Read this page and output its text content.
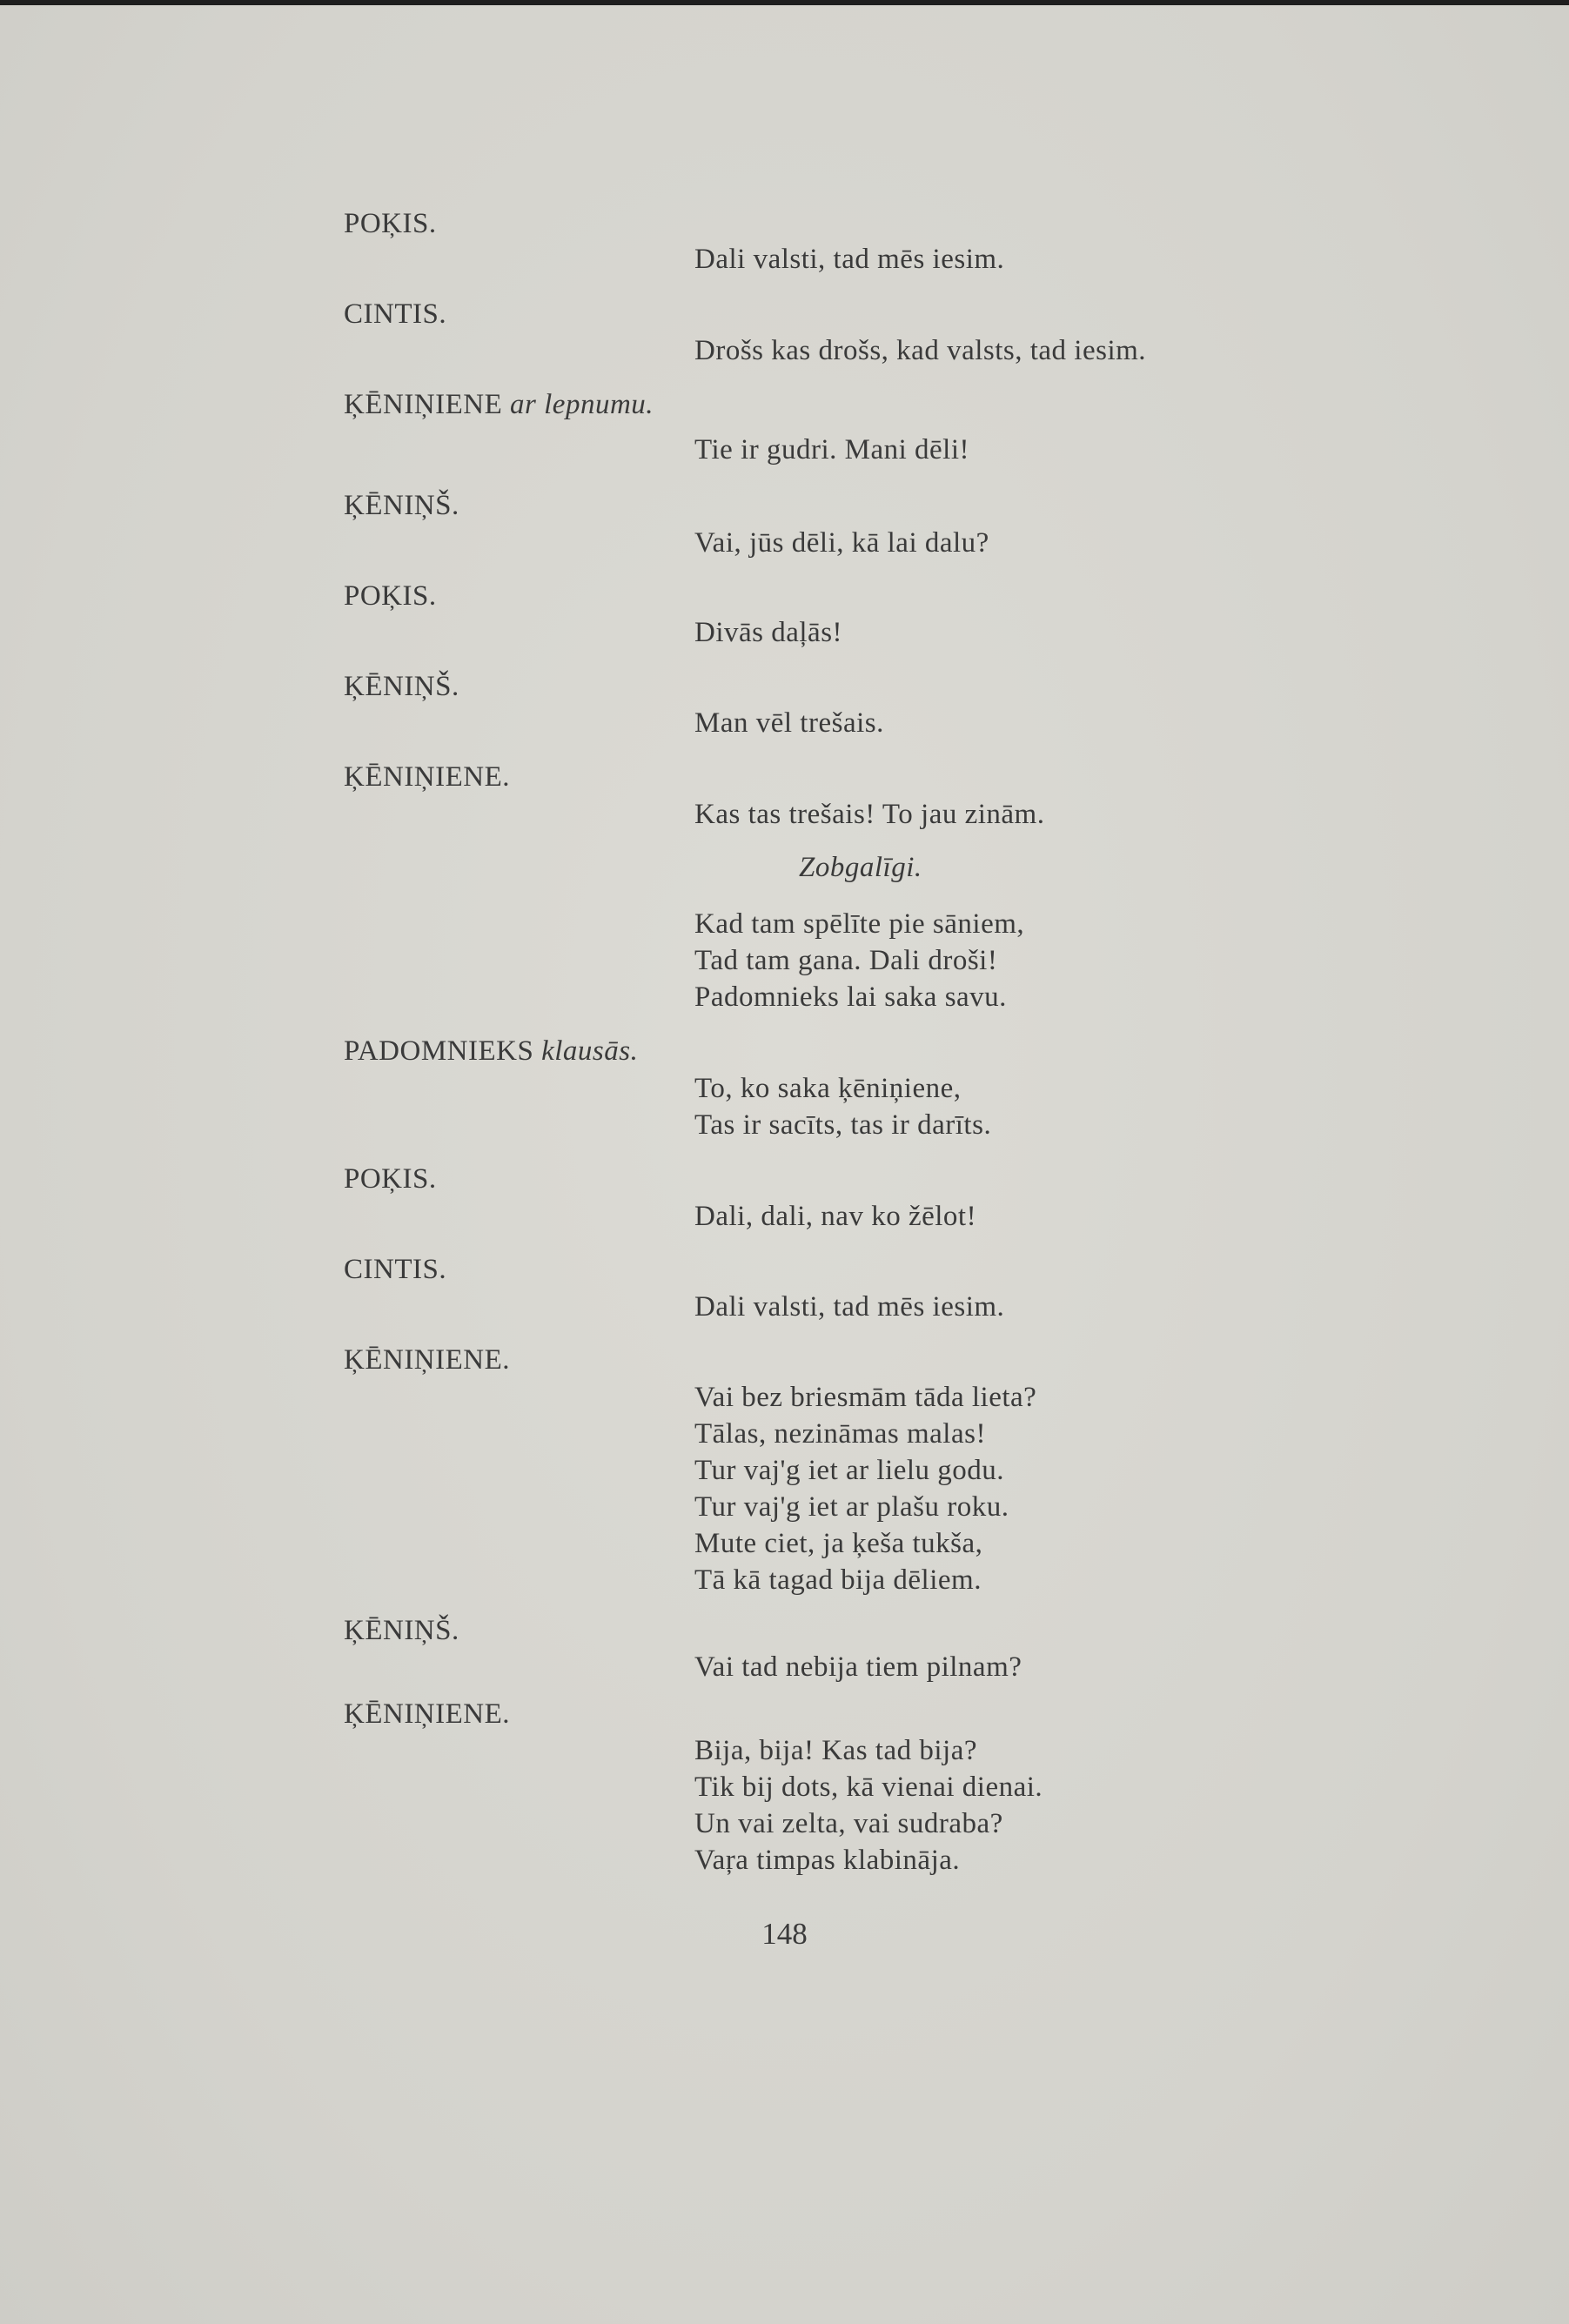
POĶIS.
Dali valsti, tad mēs iesim.
CINTIS.
Drošs kas drošs, kad valsts, tad iesim.
ĶĒNIŅIENE ar lepnumu.
Tie ir gudri. Mani dēli!
ĶĒNIŅŠ.
Vai, jūs dēli, kā lai dalu?
POĶIS.
Divās daļās!
ĶĒNIŅŠ.
Man vēl trešais.
ĶĒNIŅIENE.
Kas tas trešais! To jau zinām.
Zobgalīgi.
Kad tam spēlīte pie sāniem,
Tad tam gana. Dali droši!
Padomnieks lai saka savu.
PADOMNIEKS klausās.
To, ko saka ķēniņiene,
Tas ir sacīts, tas ir darīts.
POĶIS.
Dali, dali, nav ko žēlot!
CINTIS.
Dali valsti, tad mēs iesim.
ĶĒNIŅIENE.
Vai bez briesmām tāda lieta?
Tālas, nezināmas malas!
Tur vaj'g iet ar lielu godu.
Tur vaj'g iet ar plašu roku.
Mute ciet, ja ķeša tukša,
Tā kā tagad bija dēliem.
ĶĒNIŅŠ.
Vai tad nebija tiem pilnam?
ĶĒNIŅIENE.
Bija, bija! Kas tad bija?
Tik bij dots, kā vienai dienai.
Un vai zelta, vai sudraba?
Vaŗa timpas klabināja.
148
